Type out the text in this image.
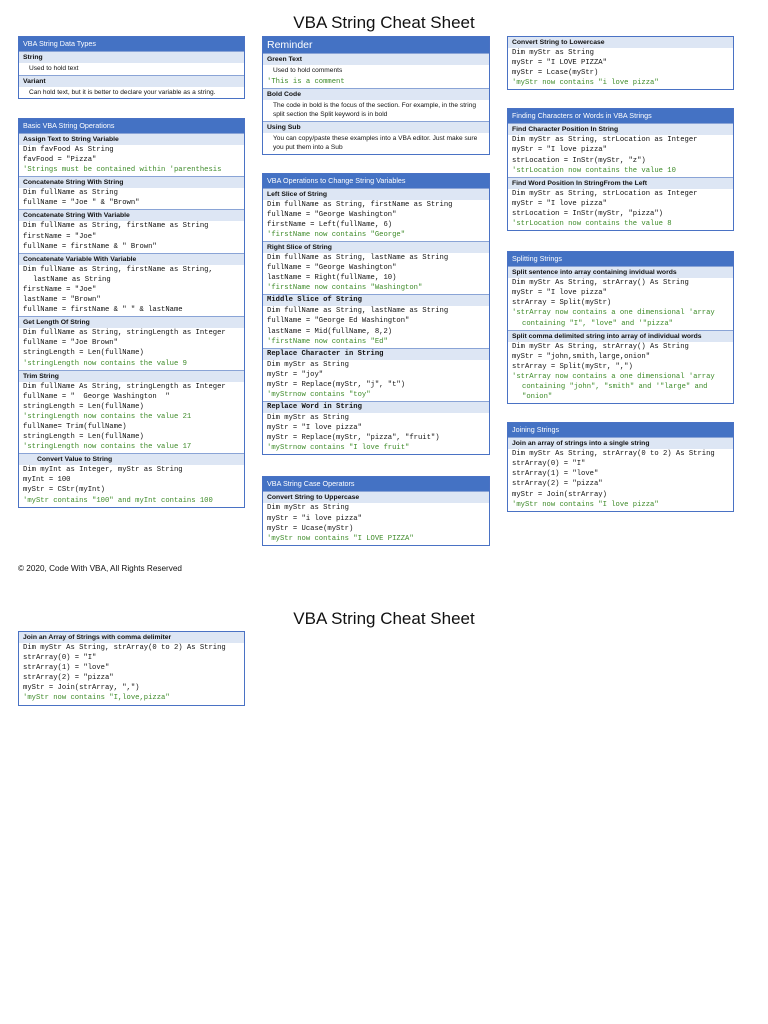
VBA String Cheat Sheet
VBA String Data Types
String
Used to hold text
Variant
Can hold text, but it is better to declare your variable as a string.
Basic VBA String Operations
Assign Text to String Variable
Dim favFood As String
favFood = "Pizza"
'Strings must be contained within 'parenthesis
Concatenate String With String
Dim fullName as String
fullName = "Joe " & "Brown"
Concatenate String With Variable
Dim fullName as String, firstName as String
firstName = "Joe"
fullName = firstName & " Brown"
Concatenate Variable With Variable
Dim fullName as String, firstName as String, lastName as String
firstName = "Joe"
lastName = "Brown"
fullName = firstName & " " & lastName
Get Length Of String
Dim fullName as String, stringLength as Integer
fullName = "Joe Brown"
stringLength = Len(fullName)
'stringLength now contains the value 9
Trim String
Dim fullName As String, stringLength as Integer
fullName = "  George Washington  "
stringLength = Len(fullName)
'stringLength now contains the value 21
fullName= Trim(fullName)
stringLength = Len(fullName)
'stringLength now contains the value 17
Convert Value to String
Dim myInt as Integer, myStr as String
myInt = 100
myStr = CStr(myInt)
'myStr contains "100" and myInt contains 100
Reminder
Green Text
Used to hold comments
'This is a comment
Bold Code
The code in bold is the focus of the section. For example, in the string split section the Split keyword is in bold
Using Sub
You can copy/paste these examples into a VBA editor. Just make sure you put them into a Sub
VBA Operations to Change String Variables
Left Slice of String
Dim fullName as String, firstName as String
fullName = "George Washington"
firstName = Left(fullName, 6)
'firstName now contains "George"
Right Slice of String
Dim fullName as String, lastName as String
fullName = "George Washington"
lastName = Right(fullName, 10)
'firstName now contains "Washington"
Middle Slice of String
Dim fullName as String, lastName as String
fullName = "George Ed Washington"
lastName = Mid(fullName, 8,2)
'firstName now contains "Ed"
Replace Character in String
Dim myStr as String
myStr = "joy"
myStr = Replace(myStr, "j", "t")
'myStrnow contains "toy"
Replace Word in String
Dim myStr as String
myStr = "I love pizza"
myStr = Replace(myStr, "pizza", "fruit")
'myStrnow contains "I love fruit"
VBA String Case Operators
Convert String to Uppercase
Dim myStr as String
myStr = "i love pizza"
myStr = Ucase(myStr)
'myStr now contains "I LOVE PIZZA"
Convert String to Lowercase
Dim myStr as String
myStr = "I LOVE PIZZA"
myStr = Lcase(myStr)
'myStr now contains "i love pizza"
Finding Characters or Words in VBA Strings
Find Character Position In String
Dim myStr as String, strLocation as Integer
myStr = "I love pizza"
strLocation = InStr(myStr, "z")
'strLocation now contains the value 10
Find Word Position In StringFrom the Left
Dim myStr as String, strLocation as Integer
myStr = "I love pizza"
strLocation = InStr(myStr, "pizza")
'strLocation now contains the value 8
Splitting Strings
Split sentence into array containing invidual words
Dim myStr As String, strArray() As String
myStr = "I love pizza"
strArray = Split(myStr)
'strArray now contains a one dimensional 'array containing "I", "love" and '"pizza"
Split comma delimited string into array of individual words
Dim myStr As String, strArray() As String
myStr = "john,smith,large,onion"
strArray = Split(myStr, ",")
'strArray now contains a one dimensional 'array containing "john", "smith" and '"large" and "onion"
Joining Strings
Join an array of strings into a single string
Dim myStr As String, strArray(0 to 2) As String
strArray(0) = "I"
strArray(1) = "love"
strArray(2) = "pizza"
myStr = Join(strArray)
'myStr now contains "I love pizza"
© 2020, Code With VBA, All Rights Reserved
VBA String Cheat Sheet
Join an Array of Strings with comma delimiter
Dim myStr As String, strArray(0 to 2) As String
strArray(0) = "I"
strArray(1) = "love"
strArray(2) = "pizza"
myStr = Join(strArray, ",")
'myStr now contains "I,love,pizza"
